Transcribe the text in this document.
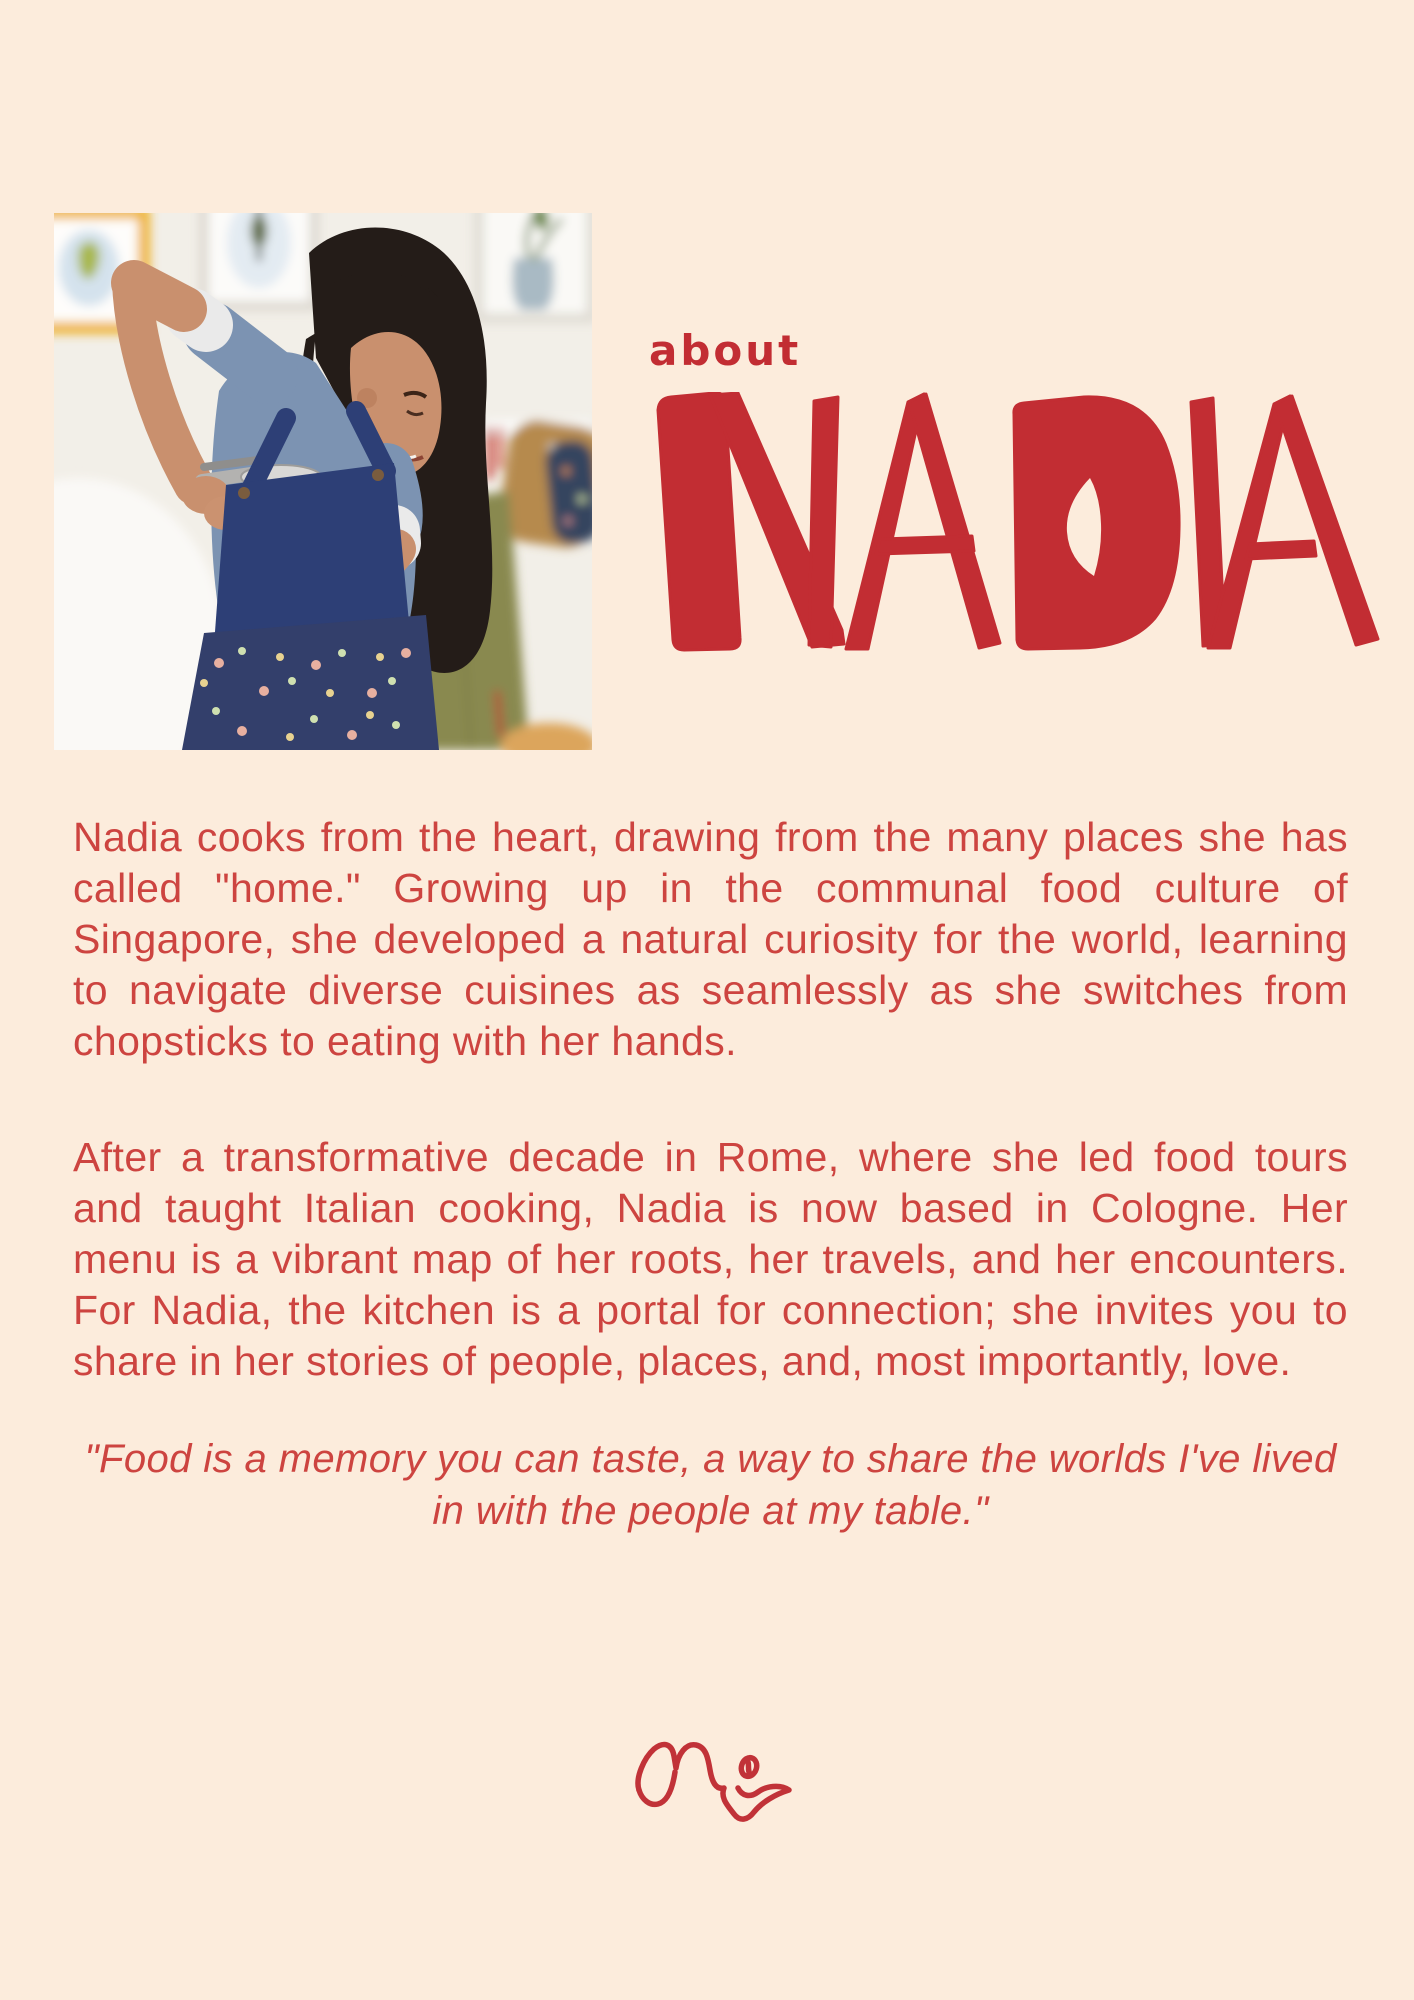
about

Nadia cooks from the heart, drawing from the many places she has called "home." Growing up in the communal food culture of Singapore, she developed a natural curiosity for the world, learning to navigate diverse cuisines as seamlessly as she switches from chopsticks to eating with her hands.

After a transformative decade in Rome, where she led food tours and taught Italian cooking, Nadia is now based in Cologne. Her menu is a vibrant map of her roots, her travels, and her encounters. For Nadia, the kitchen is a portal for connection; she invites you to share in her stories of people, places, and, most importantly, love.

"Food is a memory you can taste, a way to share the worlds I've lived in with the people at my table."
